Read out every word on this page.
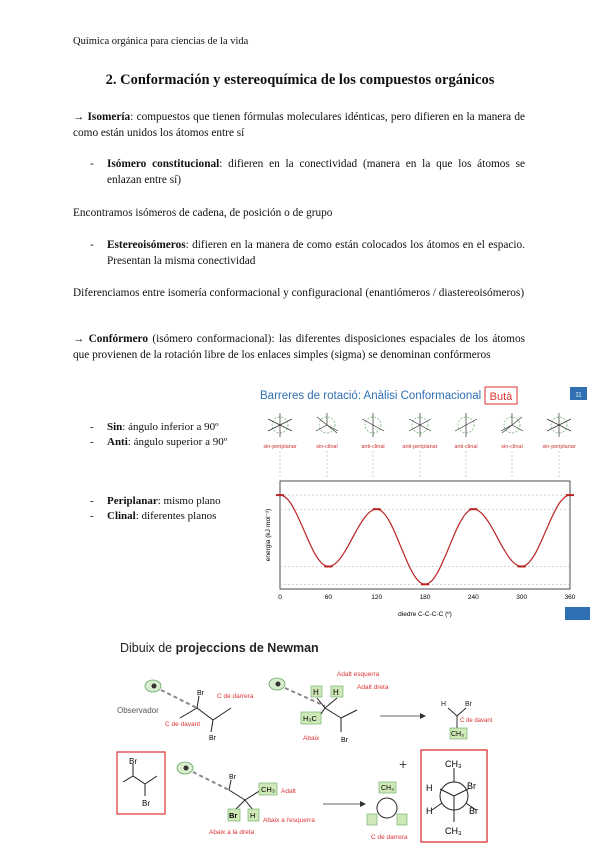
Química orgánica para ciencias de la vida
2. Conformación y estereoquímica de los compuestos orgánicos
→ Isomería: compuestos que tienen fórmulas moleculares idénticas, pero difieren en la manera de como están unidos los átomos entre sí
- Isómero constitucional: difieren en la conectividad (manera en la que los átomos se enlazan entre sí)
Encontramos isómeros de cadena, de posición o de grupo
- Estereoisómeros: difieren en la manera de como están colocados los átomos en el espacio. Presentan la misma conectividad
Diferenciamos entre isomería conformacional y configuracional (enantiómeros / diastereoisómeros)
→ Confórmero (isómero conformacional): las diferentes disposiciones espaciales de los átomos que provienen de la rotación libre de los enlaces simples (sigma) se denominan confórmeros
- Sin: ángulo inferior a 90º
- Anti: ángulo superior a 90º
- Periplanar: mismo plano
- Clinal: diferentes planos
11
Barreres de rotació: Anàlisi Conformacional Butà
sin-periplanar	sin-clinal	anti-clinal	anti-periplanar	anti-clinal	sin-clinal	sin-periplanar
0	60	120	180	240	300	360
diedre C-C-C-C (º)
energia (kJ·mol⁻¹)
Dibuix de projeccions de Newman
Observador
Br
Br
C de darrera
C de davant
H H
H₃C
Br
Adalt esquerra
Adalt dreta
Abaix
H	Br
CH₃
C de davant
Br
Br
Br
CH₃
Br H
Adalt
Abaix a la dreta
Abaix a l'esquerra
CH₃
C de darrera
+	CH₃
H	Br
H	Br
CH₃
